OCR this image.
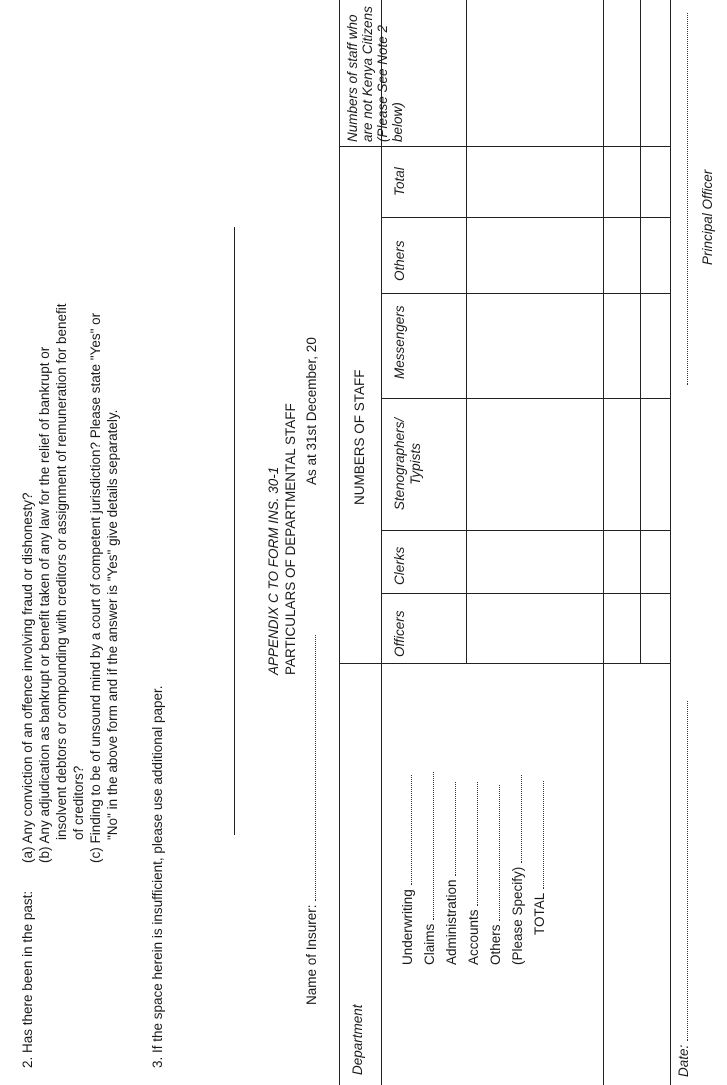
2. Has there been in the past:
(a) Any conviction of an offence involving fraud or dishonesty? (b) Any adjudication as bankrupt or benefit taken of any law for the relief of bankrupt or insolvent debtors or compounding with creditors or assignment of remuneration for benefit of creditors? (c) Finding to be of unsound mind by a court of competent jurisdiction? Please state "Yes" or "No" in the above form and if the answer is "Yes" give details separately.
3. If the space herein is insufficient, please use additional paper.
APPENDIX C TO FORM INS. 30-1 PARTICULARS OF DEPARTMENTAL STAFF
Name of Insurer:
As at 31st December, 20
Department
NUMBERS OF STAFF
Officers
Clerks
Stenographers/ Typists
Messengers
Others
Total
Numbers of staff who are not Kenya Citizens (Please See Note 2 below)
Underwriting Claims Administration Accounts Others (Please Specify) TOTAL
Date:
Principal Officer
